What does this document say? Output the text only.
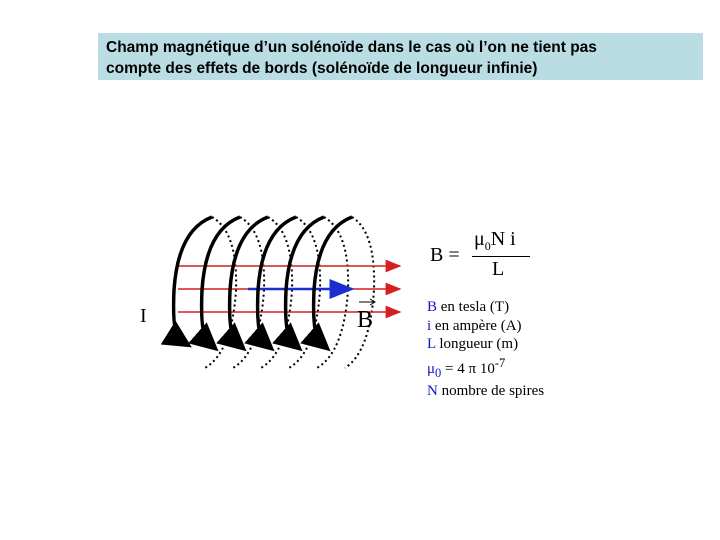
Champ magnétique d’un solénoïde dans le cas où l’on ne tient pas
compte des effets de bords (solénoïde de longueur infinie)
I	B
B =
$\mu_0N$ i
L
B en tesla (T)
i en ampère (A)
L longueur (m)
$\mu_0 = 4$ π $10^{-7}$
N nombre de spires
